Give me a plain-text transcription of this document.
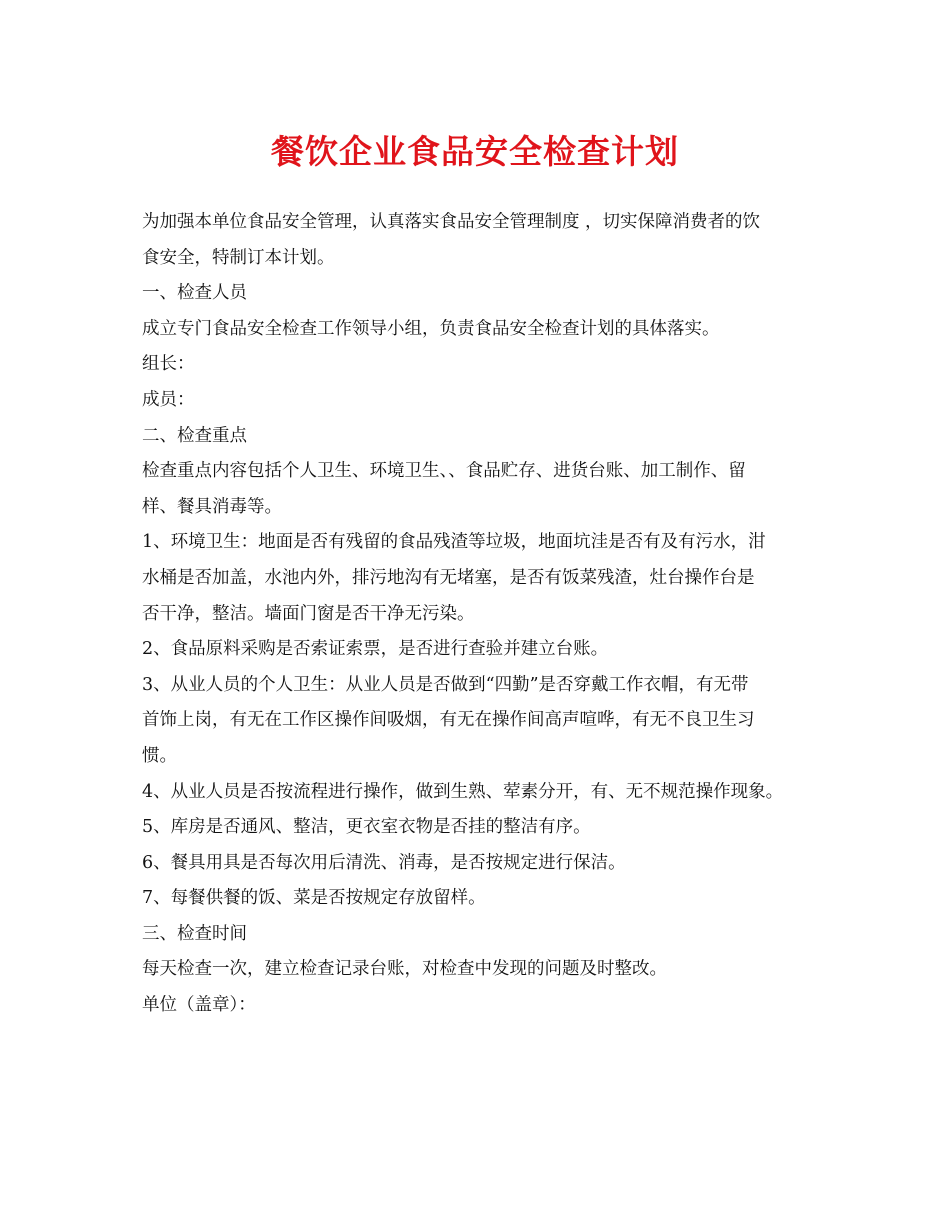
餐饮企业食品安全检查计划
为加强本单位食品安全管理，认真落实食品安全管理制度 ，切实保障消费者的饮
食安全，特制订本计划。
一、检查人员
成立专门食品安全检查工作领导小组，负责食品安全检查计划的具体落实。
组长：
成员：
二、检查重点
检查重点内容包括个人卫生、环境卫生、、食品贮存、进货台账、加工制作、留
样、餐具消毒等。
1、环境卫生：地面是否有残留的食品残渣等垃圾，地面坑洼是否有及有污水，泔
水桶是否加盖，水池内外，排污地沟有无堵塞，是否有饭菜残渣，灶台操作台是
否干净，整洁。墙面门窗是否干净无污染。
2、食品原料采购是否索证索票，是否进行查验并建立台账。
3、从业人员的个人卫生：从业人员是否做到“四勤”是否穿戴工作衣帽，有无带
首饰上岗，有无在工作区操作间吸烟，有无在操作间高声喧哗，有无不良卫生习
惯。
4、从业人员是否按流程进行操作，做到生熟、荤素分开，有、无不规范操作现象。
5、库房是否通风、整洁，更衣室衣物是否挂的整洁有序。
6、餐具用具是否每次用后清洗、消毒，是否按规定进行保洁。
7、每餐供餐的饭、菜是否按规定存放留样。
三、检查时间
每天检查一次，建立检查记录台账，对检查中发现的问题及时整改。
单位（盖章）：
